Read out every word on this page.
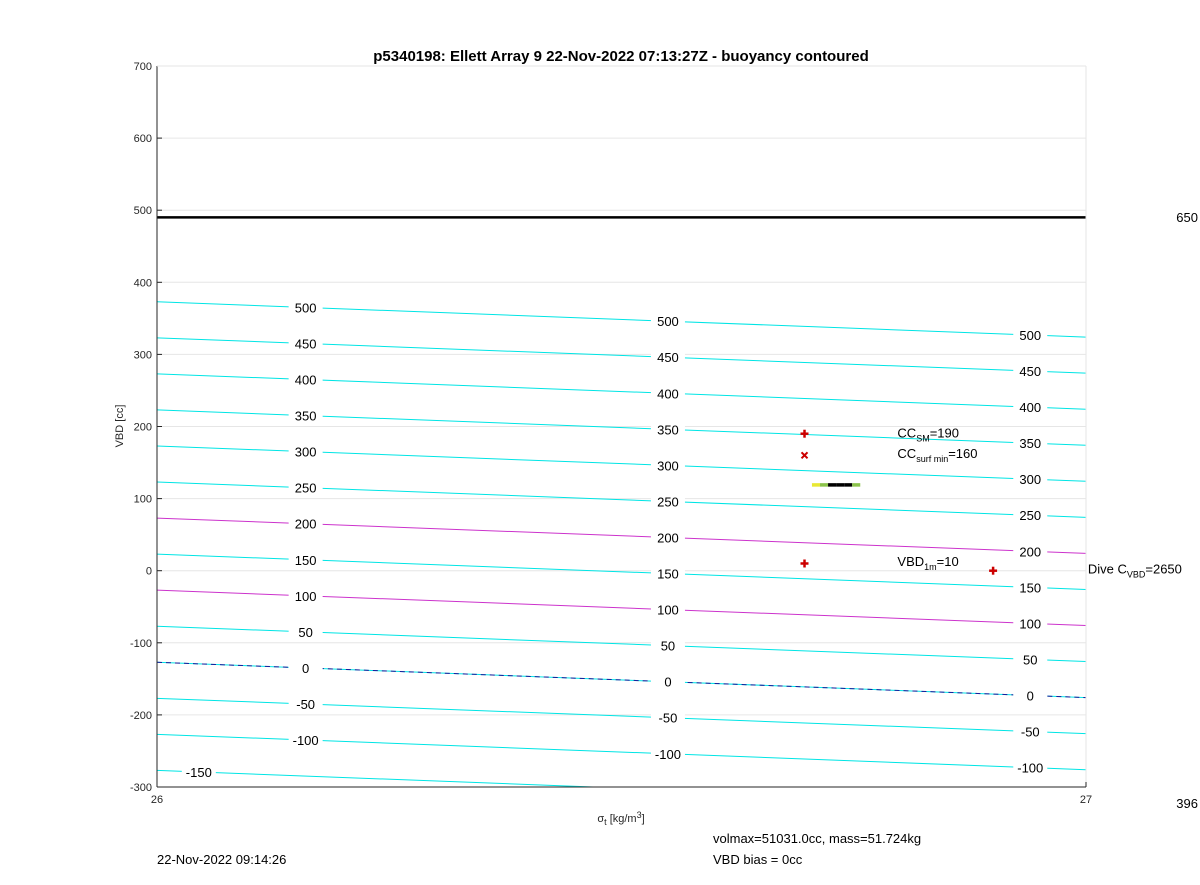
500
500
500
450
450
450
400
400
400
350
350
350
300
300
300
250
250
250
200
200
200
150
150
150
100
100
100
50
50
50
0
0
0
-50
-50
-50
-100
-100
-100
-150
$CC_{SM}=190$
$CC_{surf min}=160$
$VBD_{1m}=10$	Dive $C_{VBD}=2650$
700
600
500
400
300
200
100
0
-100
-200
-300
26	27
p5340198: Ellett Array 9 22-Nov-2022 07:13:27Z - buoyancy contoured
VBD [cc]
$\sigma_t$ $[kg/m^3]$
650
396
22-Nov-2022 09:14:26
volmax=51031.0cc, mass=51.724kg
VBD bias = 0cc
